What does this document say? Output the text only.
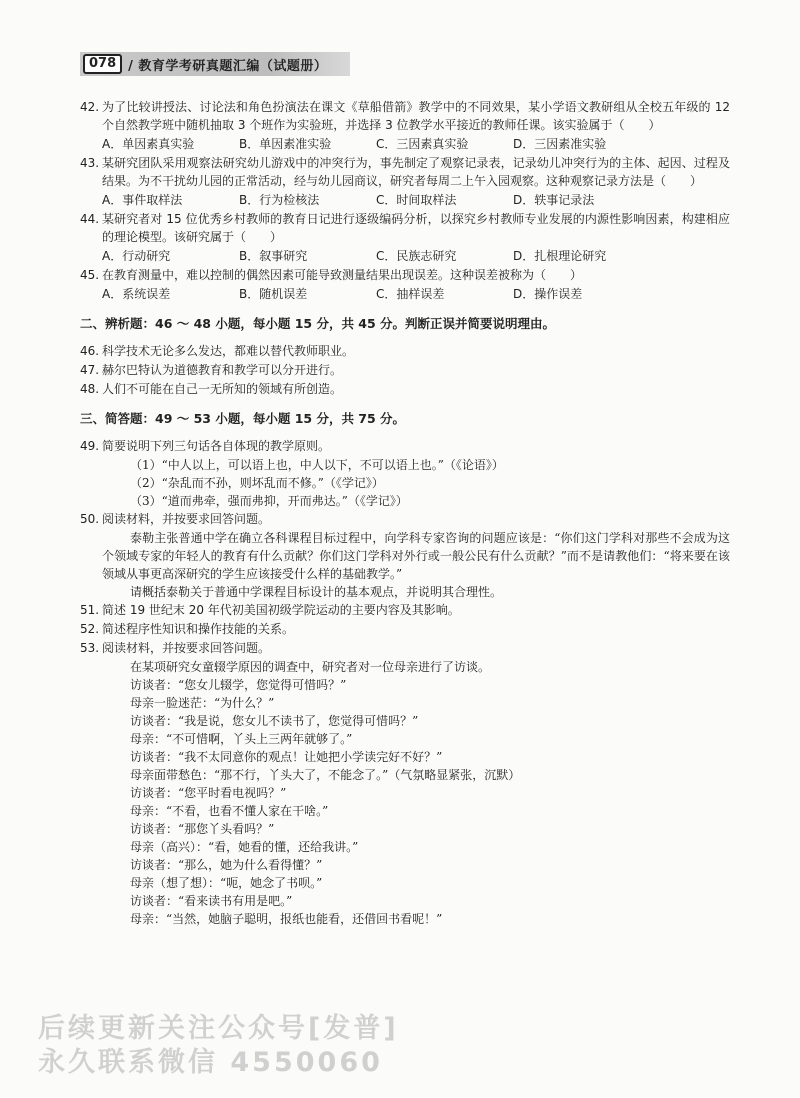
078 / 教育学考研真题汇编（试题册）
42. 为了比较讲授法、讨论法和角色扮演法在课文《草船借箭》教学中的不同效果，某小学语文教研组从全校五年级的 12 个自然教学班中随机抽取 3 个班作为实验班，并选择 3 位教学水平接近的教师任课。该实验属于（　　）
A．单因素真实验	B．单因素准实验	C．三因素真实验	D．三因素准实验
43. 某研究团队采用观察法研究幼儿游戏中的冲突行为，事先制定了观察记录表，记录幼儿冲突行为的主体、起因、过程及结果。为不干扰幼儿园的正常活动，经与幼儿园商议，研究者每周二上午入园观察。这种观察记录方法是（　　）
A．事件取样法	B．行为检核法	C．时间取样法	D．轶事记录法
44. 某研究者对 15 位优秀乡村教师的教育日记进行逐级编码分析，以探究乡村教师专业发展的内源性影响因素，构建相应的理论模型。该研究属于（　　）
A．行动研究	B．叙事研究	C．民族志研究	D．扎根理论研究
45. 在教育测量中，难以控制的偶然因素可能导致测量结果出现误差。这种误差被称为（　　）
A．系统误差	B．随机误差	C．抽样误差	D．操作误差
二、辨析题：46 ～ 48 小题，每小题 15 分，共 45 分。判断正误并简要说明理由。
46. 科学技术无论多么发达，都难以替代教师职业。
47. 赫尔巴特认为道德教育和教学可以分开进行。
48. 人们不可能在自己一无所知的领域有所创造。
三、简答题：49 ～ 53 小题，每小题 15 分，共 75 分。
49. 简要说明下列三句话各自体现的教学原则。
（1）“中人以上，可以语上也，中人以下，不可以语上也。”（《论语》）
（2）“杂乱而不孙，则坏乱而不修。”（《学记》）
（3）“道而弗牵，强而弗抑，开而弗达。”（《学记》）
50. 阅读材料，并按要求回答问题。
泰勒主张普通中学在确立各科课程目标过程中，向学科专家咨询的问题应该是：“你们这门学科对那些不会成为这个领域专家的年轻人的教育有什么贡献？你们这门学科对外行或一般公民有什么贡献？”而不是请教他们：“将来要在该领域从事更高深研究的学生应该接受什么样的基础教学。”
请概括泰勒关于普通中学课程目标设计的基本观点，并说明其合理性。
51. 简述 19 世纪末 20 年代初美国初级学院运动的主要内容及其影响。
52. 简述程序性知识和操作技能的关系。
53. 阅读材料，并按要求回答问题。
在某项研究女童辍学原因的调查中，研究者对一位母亲进行了访谈。
访谈者：“您女儿辍学，您觉得可惜吗？”
母亲一脸迷茫：“为什么？”
访谈者：“我是说，您女儿不读书了，您觉得可惜吗？”
母亲：“不可惜啊，丫头上三两年就够了。”
访谈者：“我不太同意你的观点！让她把小学读完好不好？”
母亲面带愁色：“那不行，丫头大了，不能念了。”（气氛略显紧张，沉默）
访谈者：“您平时看电视吗？”
母亲：“不看，也看不懂人家在干啥。”
访谈者：“那您丫头看吗？”
母亲（高兴）：“看，她看的懂，还给我讲。”
访谈者：“那么，她为什么看得懂？”
母亲（想了想）：“呃，她念了书呗。”
访谈者：“看来读书有用是吧。”
母亲：“当然，她脑子聪明，报纸也能看，还借回书看呢！”
后续更新关注公众号[发普]
永久联系微信 4550060
